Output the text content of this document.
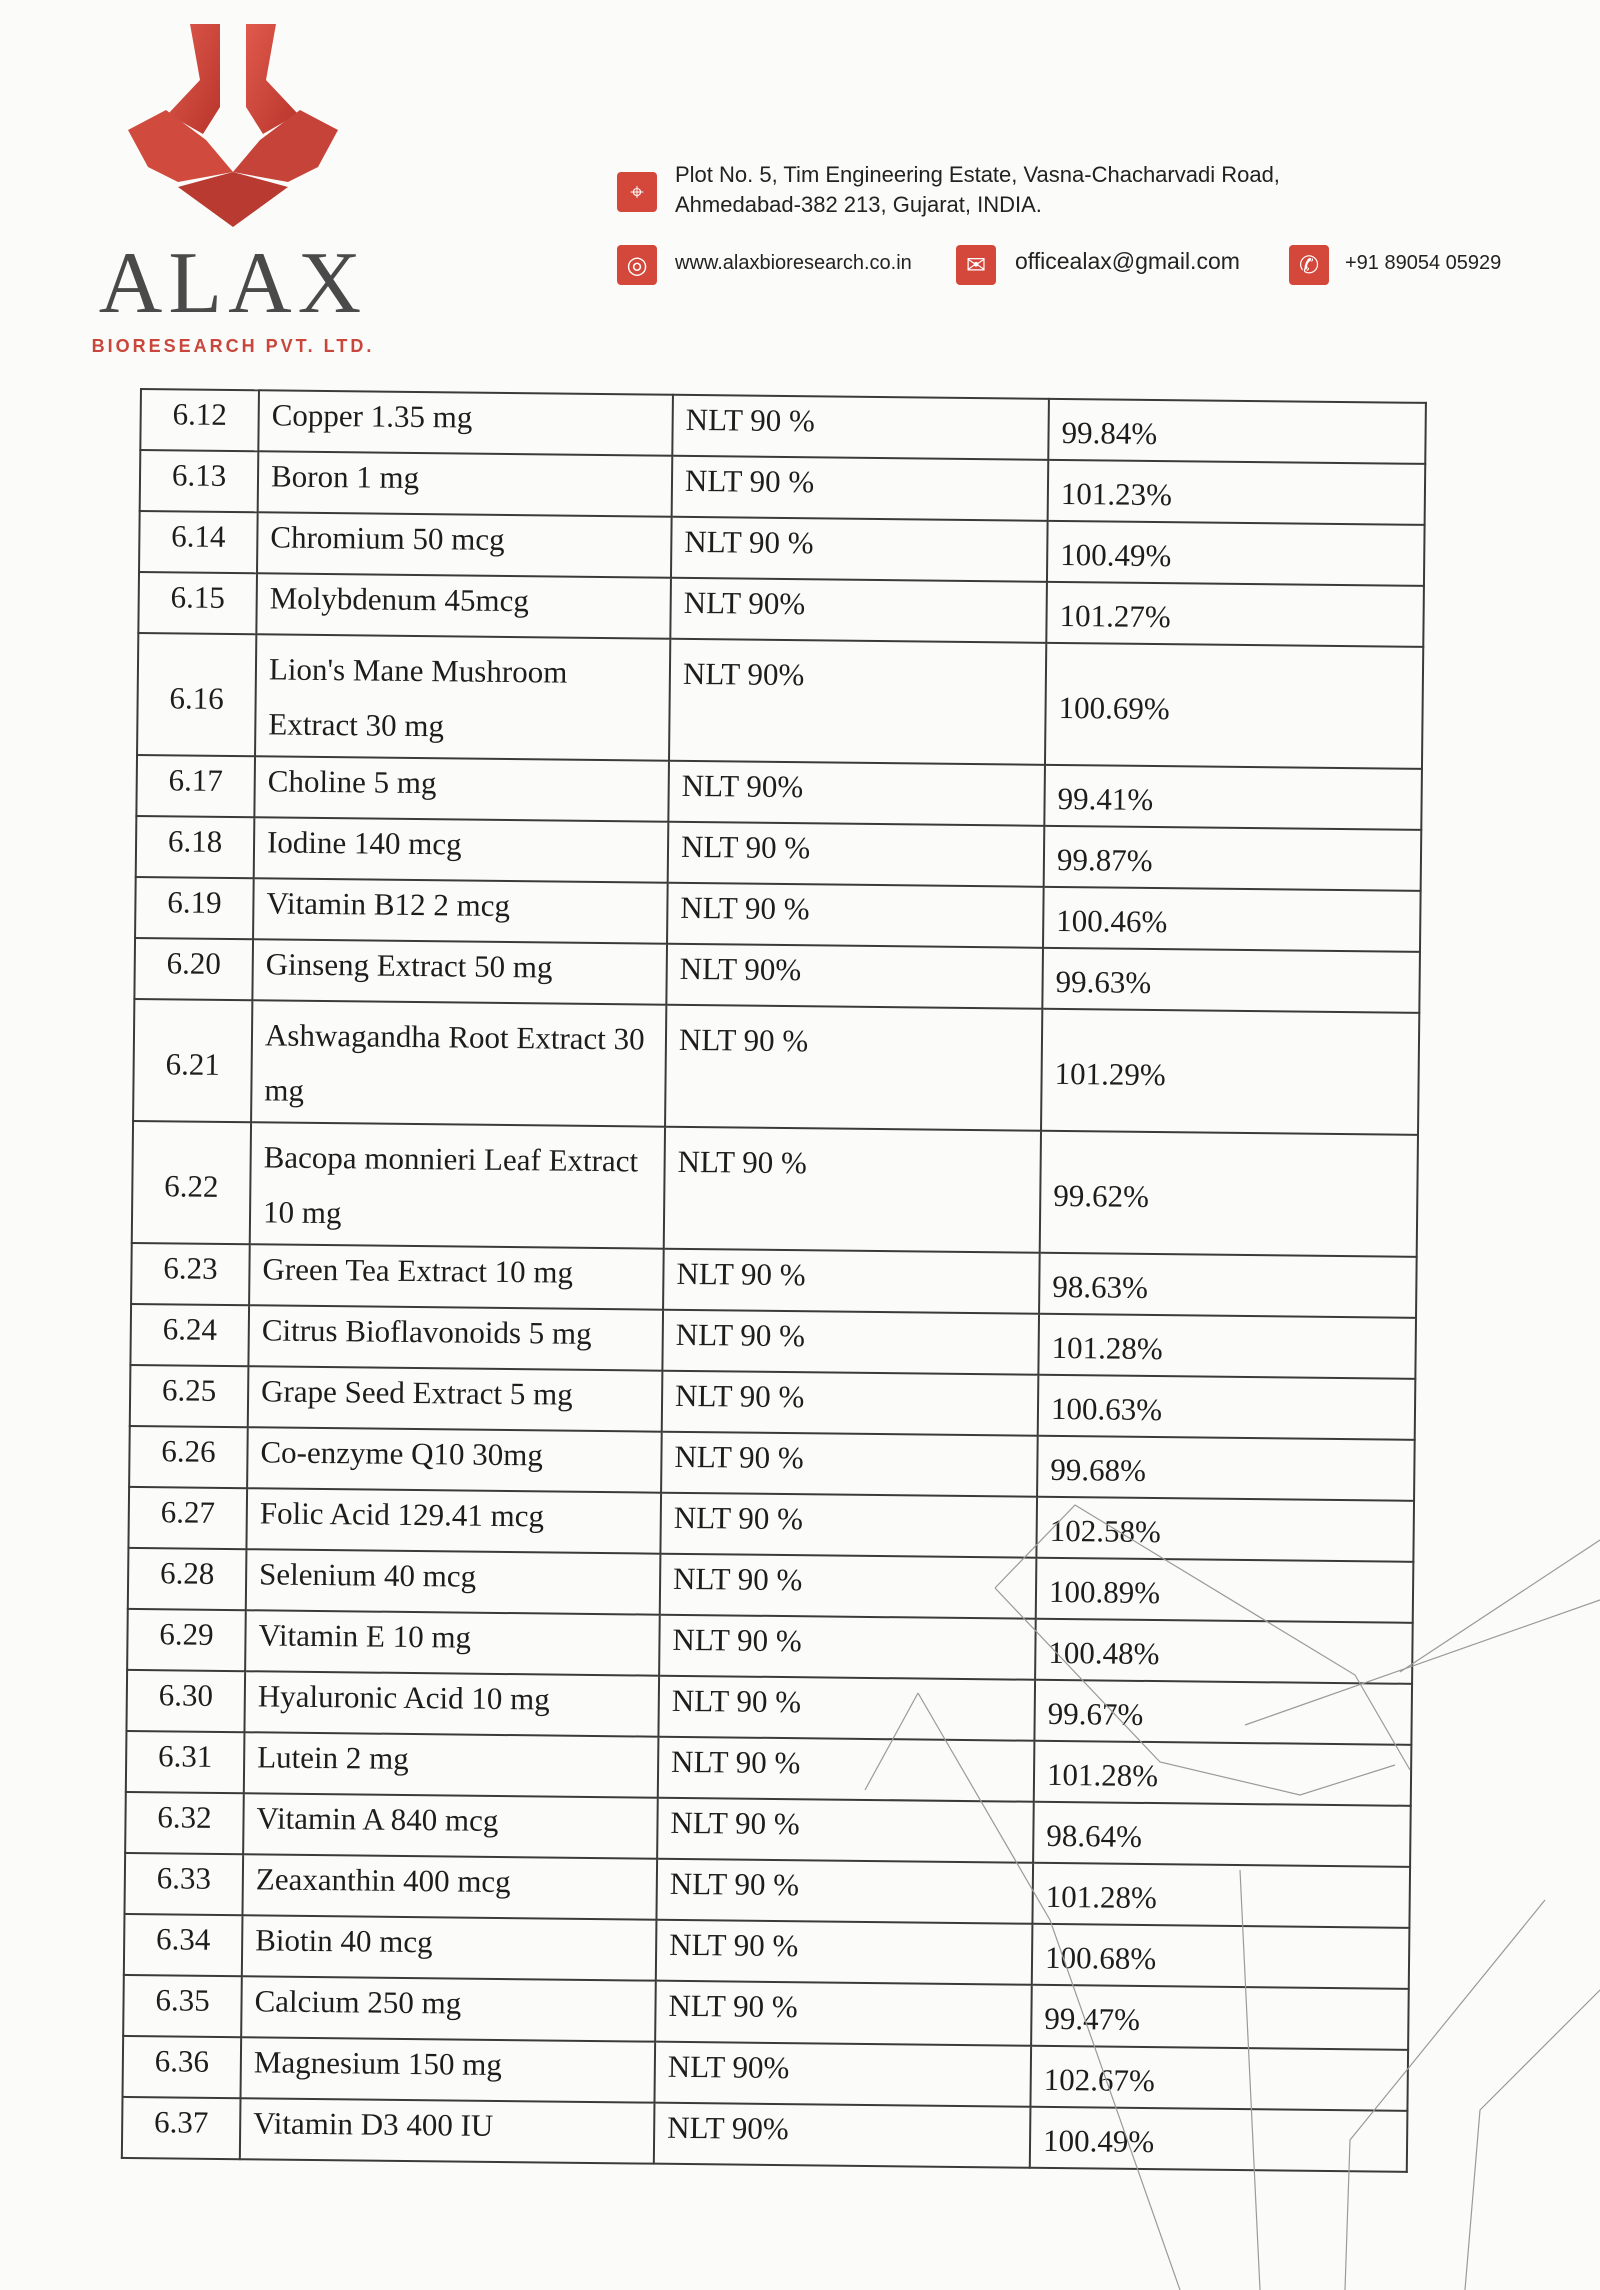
ALAX
BIORESEARCH PVT. LTD.
⌖
Plot No. 5, Tim Engineering Estate, Vasna-Chacharvadi Road,
Ahmedabad-382 213, Gujarat, INDIA.
◎	www.alaxbioresearch.co.in	✉	officealax@gmail.com	✆	+91 89054 05929
6.12	Copper 1.35 mg	NLT 90 %	99.84%
6.13	Boron 1 mg	NLT 90 %	101.23%
6.14	Chromium 50 mcg	NLT 90 %	100.49%
6.15	Molybdenum 45mcg	NLT 90%	101.27%
6.16	Lion's Mane Mushroom Extract 30 mg	NLT 90%	100.69%
6.17	Choline 5 mg	NLT 90%	99.41%
6.18	Iodine 140 mcg	NLT 90 %	99.87%
6.19	Vitamin B12 2 mcg	NLT 90 %	100.46%
6.20	Ginseng Extract 50 mg	NLT 90%	99.63%
6.21	Ashwagandha Root Extract 30 mg	NLT 90 %	101.29%
6.22	Bacopa monnieri Leaf Extract 10 mg	NLT 90 %	99.62%
6.23	Green Tea Extract 10 mg	NLT 90 %	98.63%
6.24	Citrus Bioflavonoids 5 mg	NLT 90 %	101.28%
6.25	Grape Seed Extract 5 mg	NLT 90 %	100.63%
6.26	Co-enzyme Q10 30mg	NLT 90 %	99.68%
6.27	Folic Acid 129.41 mcg	NLT 90 %	102.58%
6.28	Selenium 40 mcg	NLT 90 %	100.89%
6.29	Vitamin E 10 mg	NLT 90 %	100.48%
6.30	Hyaluronic Acid 10 mg	NLT 90 %	99.67%
6.31	Lutein 2 mg	NLT 90 %	101.28%
6.32	Vitamin A 840 mcg	NLT 90 %	98.64%
6.33	Zeaxanthin 400 mcg	NLT 90 %	101.28%
6.34	Biotin 40 mcg	NLT 90 %	100.68%
6.35	Calcium 250 mg	NLT 90 %	99.47%
6.36	Magnesium 150 mg	NLT 90%	102.67%
6.37	Vitamin D3 400 IU	NLT 90%	100.49%
